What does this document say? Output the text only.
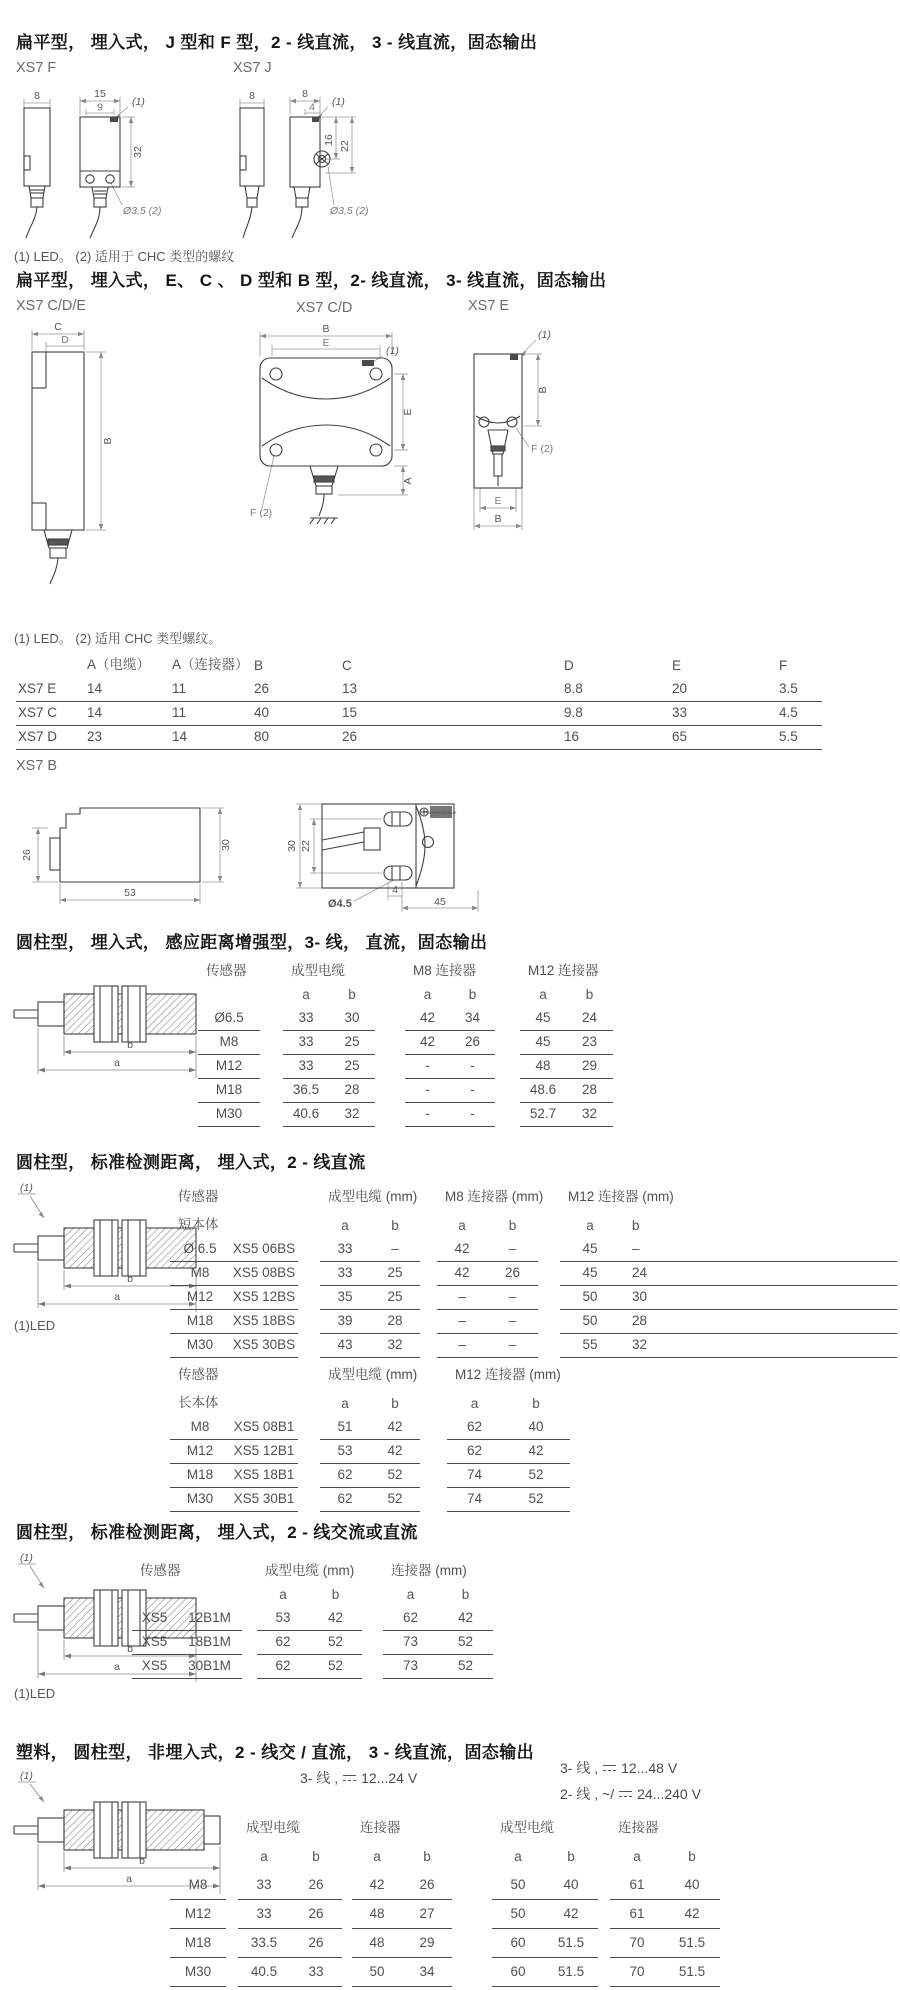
扁平型， 埋入式， J 型和 F 型，2 - 线直流， 3 - 线直流，固态输出
XS7 F	XS7 J
8	15
9	(1)
32
Ø3,5 (2)
8	8
4 (1)
16
22
Ø3,5 (2)
(1) LED。 (2) 适用于 CHC 类型的螺纹
扁平型， 埋入式， E、 C 、 D 型和 B 型，2- 线直流， 3- 线直流，固态输出
XS7 C/D/E	XS7 C/D	XS7 E
C
D
B
B
E
(1)
E
A
F (2)
(1)
B
F (2)
E
B
(1) LED。 (2) 适用 CHC 类型螺纹。
	A（电缆）	A（连接器）	B	C	D	E	F
XS7 E	14	11	26	13	8.8	20	3.5
XS7 C	14	11	40	15	9.8	33	4.5
XS7 D	23	14	80	26	16	65	5.5
XS7 B
26
53
30
Telemecanique
30 22
Ø4.5
4
45
圆柱型， 埋入式， 感应距离增强型，3- 线， 直流，固态输出
b
a
传感器		成型电缆			M8 连接器			M12 连接器	
		a	b		a	b		a	b
Ø6.5		33	30		42	34		45	24
M8		33	25		42	26		45	23
M12		33	25		-	-		48	29
M18		36.5	28		-	-		48.6	28
M30		40.6	32		-	-		52.7	32
圆柱型， 标准检测距离， 埋入式，2 - 线直流
(1)
b
a
传感器			成型电缆 (mm)			M8 连接器 (mm)			M12 连接器 (mm)	
短本体			a	b		a	b		a	b
Ø 6.5	XS5 06BS		33	–		42	–		45	–
M8	XS5 08BS		33	25		42	26		45	24
M12	XS5 12BS		35	25		–	–		50	30
M18	XS5 18BS		39	28		–	–		50	28
M30	XS5 30BS		43	32		–	–		55	32
(1)LED
传感器			成型电缆 (mm)			M12 连接器 (mm)	
长本体			a	b		a	b
M8	XS5 08B1		51	42		62	40
M12	XS5 12B1		53	42		62	42
M18	XS5 18B1		62	52		74	52
M30	XS5 30B1		62	52		74	52
圆柱型， 标准检测距离， 埋入式，2 - 线交流或直流
(1)
b
a
传感器			成型电缆 (mm)			连接器 (mm)	
			a	b		a	b
XS5	12B1M		53	42		62	42
XS5	18B1M		62	52		73	52
XS5	30B1M		62	52		73	52
(1)LED
塑料， 圆柱型， 非埋入式，2 - 线交 / 直流， 3 - 线直流，固态输出
(1)
b
a
3- 线 , 12...24 V
3- 线 , 12...48 V
2- 线 , ~/ 24...240 V
		成型电缆			连接器			成型电缆			连接器	
		a	b		a	b		a	b		a	b
M8		33	26		42	26		50	40		61	40
M12		33	26		48	27		50	42		61	42
M18		33.5	26		48	29		60	51.5		70	51.5
M30		40.5	33		50	34		60	51.5		70	51.5
